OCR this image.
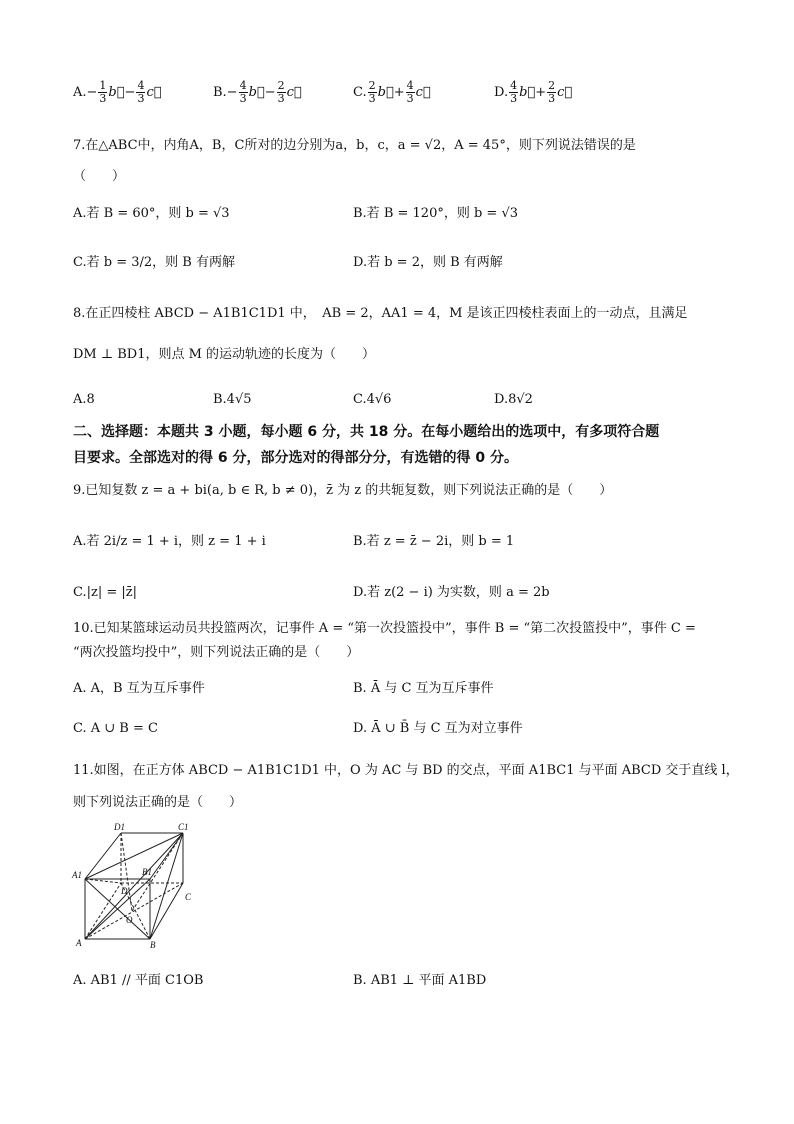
$A.- \frac{1}{3}$ b⃗− $\frac{4}{3}$ c⃗	$B.- \frac{4}{3}$ b⃗− $\frac{2}{3}$ c⃗	C. $\frac{2}{3}$ b⃗+ $\frac{4}{3}$ c⃗	D. $\frac{4}{3}$ b⃗+ $\frac{2}{3}$ c⃗
7.在△ABC中，内角A，B，C所对的边分别为a，b，c，a = √2，A = 45°，则下列说法错误的是
（　　）
A.若 B = 60°，则 b = √3	B.若 B = 120°，则 b = √3
C.若 b = 3/2，则 B 有两解	D.若 b = 2，则 B 有两解
8.在正四棱柱 ABCD − A1B1C1D1 中，　AB = 2，AA1 = 4，M 是该正四棱柱表面上的一动点，且满足
DM ⊥ BD1，则点 M 的运动轨迹的长度为（　　）
A.8	B.4√5	C.4√6	D.8√2
二、选择题：本题共 3 小题，每小题 6 分，共 18 分。在每小题给出的选项中，有多项符合题
目要求。全部选对的得 6 分，部分选对的得部分分，有选错的得 0 分。
9.已知复数 z = a + bi(a, b ∈ R, b ≠ 0)，z̄ 为 z 的共轭复数，则下列说法正确的是（　　）
A.若 2i/z = 1 + i，则 z = 1 + i	B.若 z = z̄ − 2i，则 b = 1
C.|z| = |z̄|	D.若 z(2 − i) 为实数，则 a = 2b
10.已知某篮球运动员共投篮两次，记事件 A = “第一次投篮投中”，事件 B = “第二次投篮投中”，事件 C =
“两次投篮均投中”，则下列说法正确的是（　　）
A. A，B 互为互斥事件	B. Ā 与 C 互为互斥事件
C. A ∪ B = C	D. Ā ∪ B̄ 与 C 互为对立事件
11.如图，在正方体 ABCD − A1B1C1D1 中，O 为 AC 与 BD 的交点，平面 A1BC1 与平面 ABCD 交于直线 l，
则下列说法正确的是（　　）
D1	C1
A1	B1
D
C
O
A	B
A. AB1 // 平面 C1OB	B. AB1 ⊥ 平面 A1BD
